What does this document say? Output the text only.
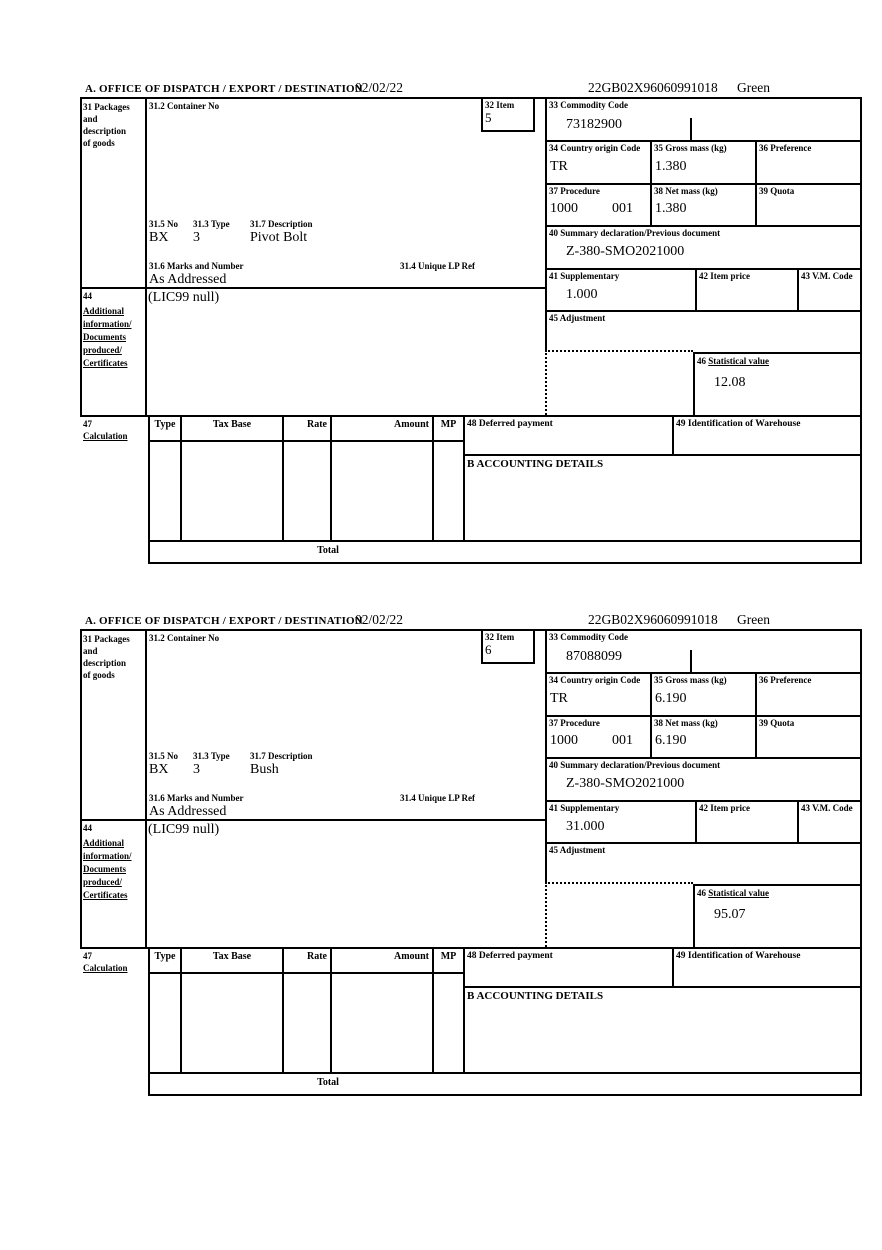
A. OFFICE OF DISPATCH / EXPORT / DESTINATION
02/02/22	22GB02X96060991018 Green
31 Packages
and
description
of goods
31.2 Container No	32 Item
5
33 Commodity Code
73182900
34 Country origin Code
TR
35 Gross mass (kg)
1.380
36 Preference
37 Procedure
1000 001
38 Net mass (kg)
1.380
39 Quota
31.5 No 31.3 Type 31.7 Description
BX 3	Pivot Bolt
31.6 Marks and Number	31.4 Unique LP Ref
As Addressed
40 Summary declaration/Previous document
Z-380-SMO2021000
41 Supplementary
1.000
42 Item price	43 V.M. Code
45 Adjustment
46 Statistical value
12.08
44
Additional
information/
Documents
produced/
Certificates
(LIC99 null)
47
Calculation
Type	Tax Base	Rate	Amount	MP	48 Deferred payment	49 Identification of Warehouse
B ACCOUNTING DETAILS
Total
A. OFFICE OF DISPATCH / EXPORT / DESTINATION
02/02/22	22GB02X96060991018 Green
31 Packages
and
description
of goods
31.2 Container No	32 Item
6
33 Commodity Code
87088099
34 Country origin Code
TR
35 Gross mass (kg)
6.190
36 Preference
37 Procedure
1000 001
38 Net mass (kg)
6.190
39 Quota
31.5 No 31.3 Type 31.7 Description
BX 3	Bush
31.6 Marks and Number	31.4 Unique LP Ref
As Addressed
40 Summary declaration/Previous document
Z-380-SMO2021000
41 Supplementary
31.000
42 Item price	43 V.M. Code
45 Adjustment
46 Statistical value
95.07
44
Additional
information/
Documents
produced/
Certificates
(LIC99 null)
47
Calculation
Type	Tax Base	Rate	Amount	MP	48 Deferred payment	49 Identification of Warehouse
B ACCOUNTING DETAILS
Total
